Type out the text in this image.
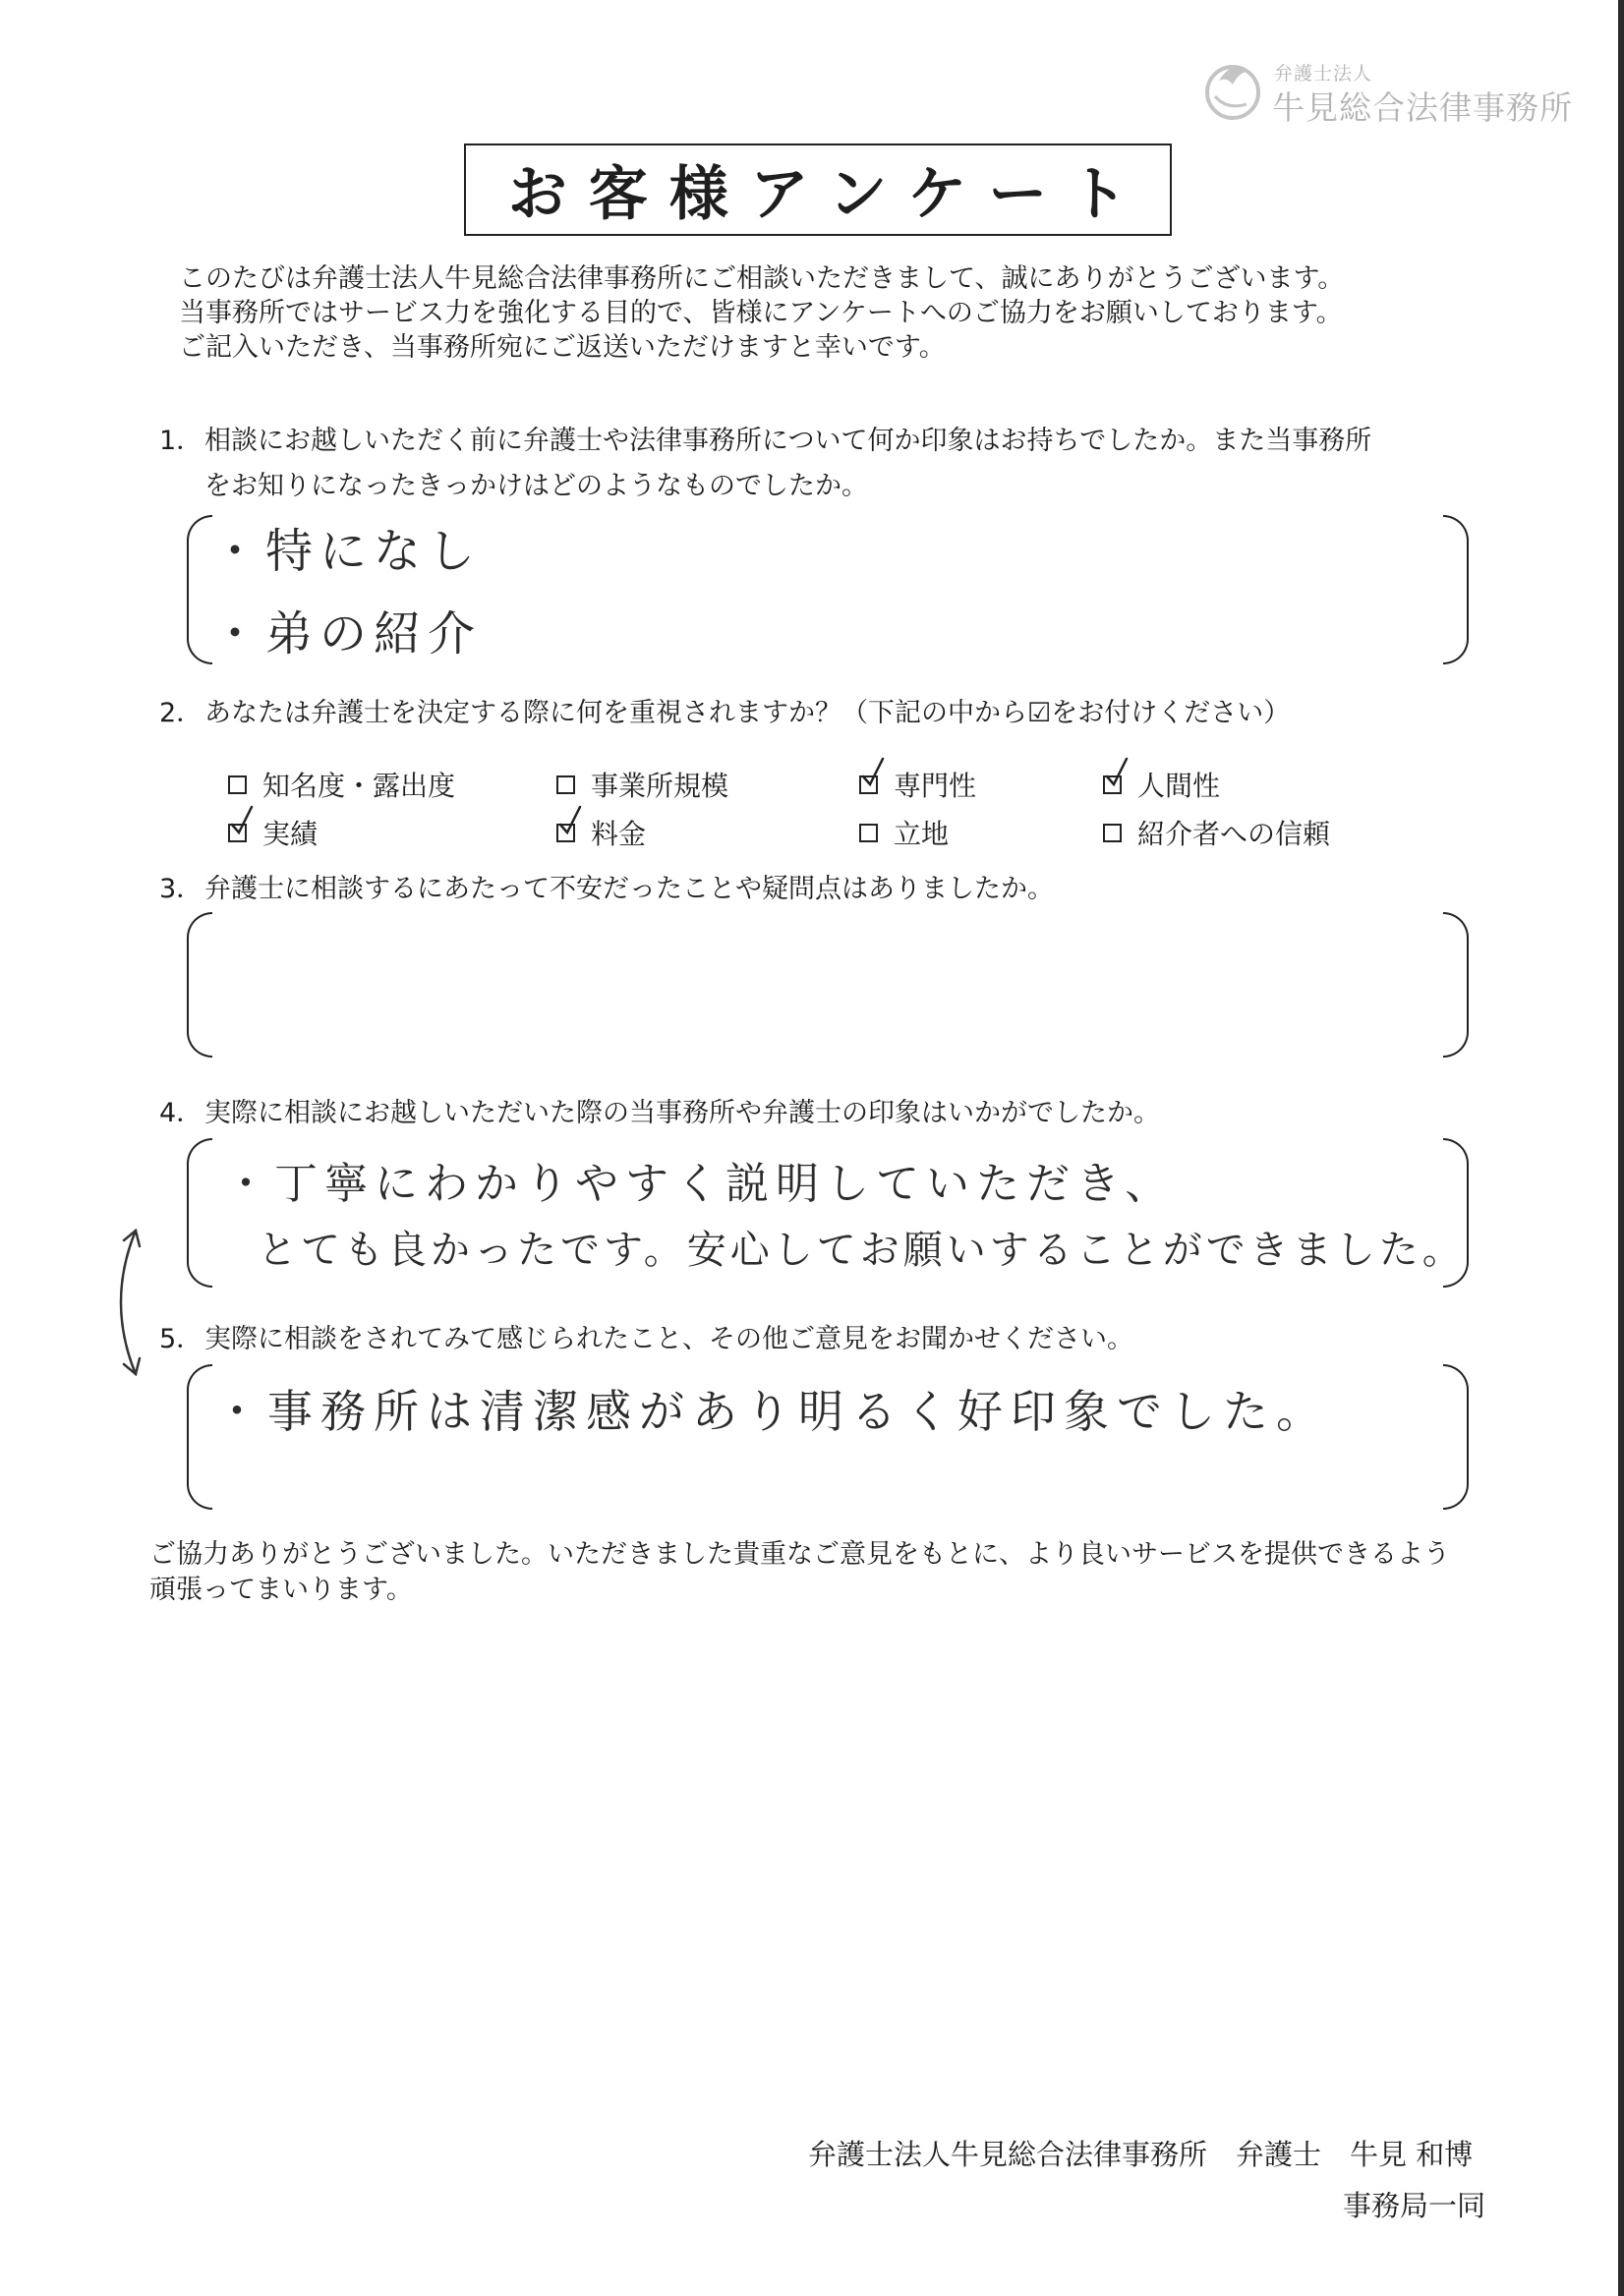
弁護士法人
牛見総合法律事務所
お客様アンケート
このたびは弁護士法人牛見総合法律事務所にご相談いただきまして、誠にありがとうございます。
当事務所ではサービス力を強化する目的で、皆様にアンケートへのご協力をお願いしております。
ご記入いただき、当事務所宛にご返送いただけますと幸いです。
1．相談にお越しいただく前に弁護士や法律事務所について何か印象はお持ちでしたか。また当事務所
をお知りになったきっかけはどのようなものでしたか。
・特になし
・弟の紹介
2．あなたは弁護士を決定する際に何を重視されますか？（下記の中から☑をお付けください）
知名度・露出度	事業所規模	専門性	人間性
実績	料金	立地	紹介者への信頼
3．弁護士に相談するにあたって不安だったことや疑問点はありましたか。
4．実際に相談にお越しいただいた際の当事務所や弁護士の印象はいかがでしたか。
・丁寧にわかりやすく説明していただき、
とても良かったです。安心してお願いすることができました。
5．実際に相談をされてみて感じられたこと、その他ご意見をお聞かせください。
・事務所は清潔感があり明るく好印象でした。
ご協力ありがとうございました。いただきました貴重なご意見をもとに、より良いサービスを提供できるよう
頑張ってまいります。
弁護士法人牛見総合法律事務所　弁護士　牛見 和博
事務局一同
